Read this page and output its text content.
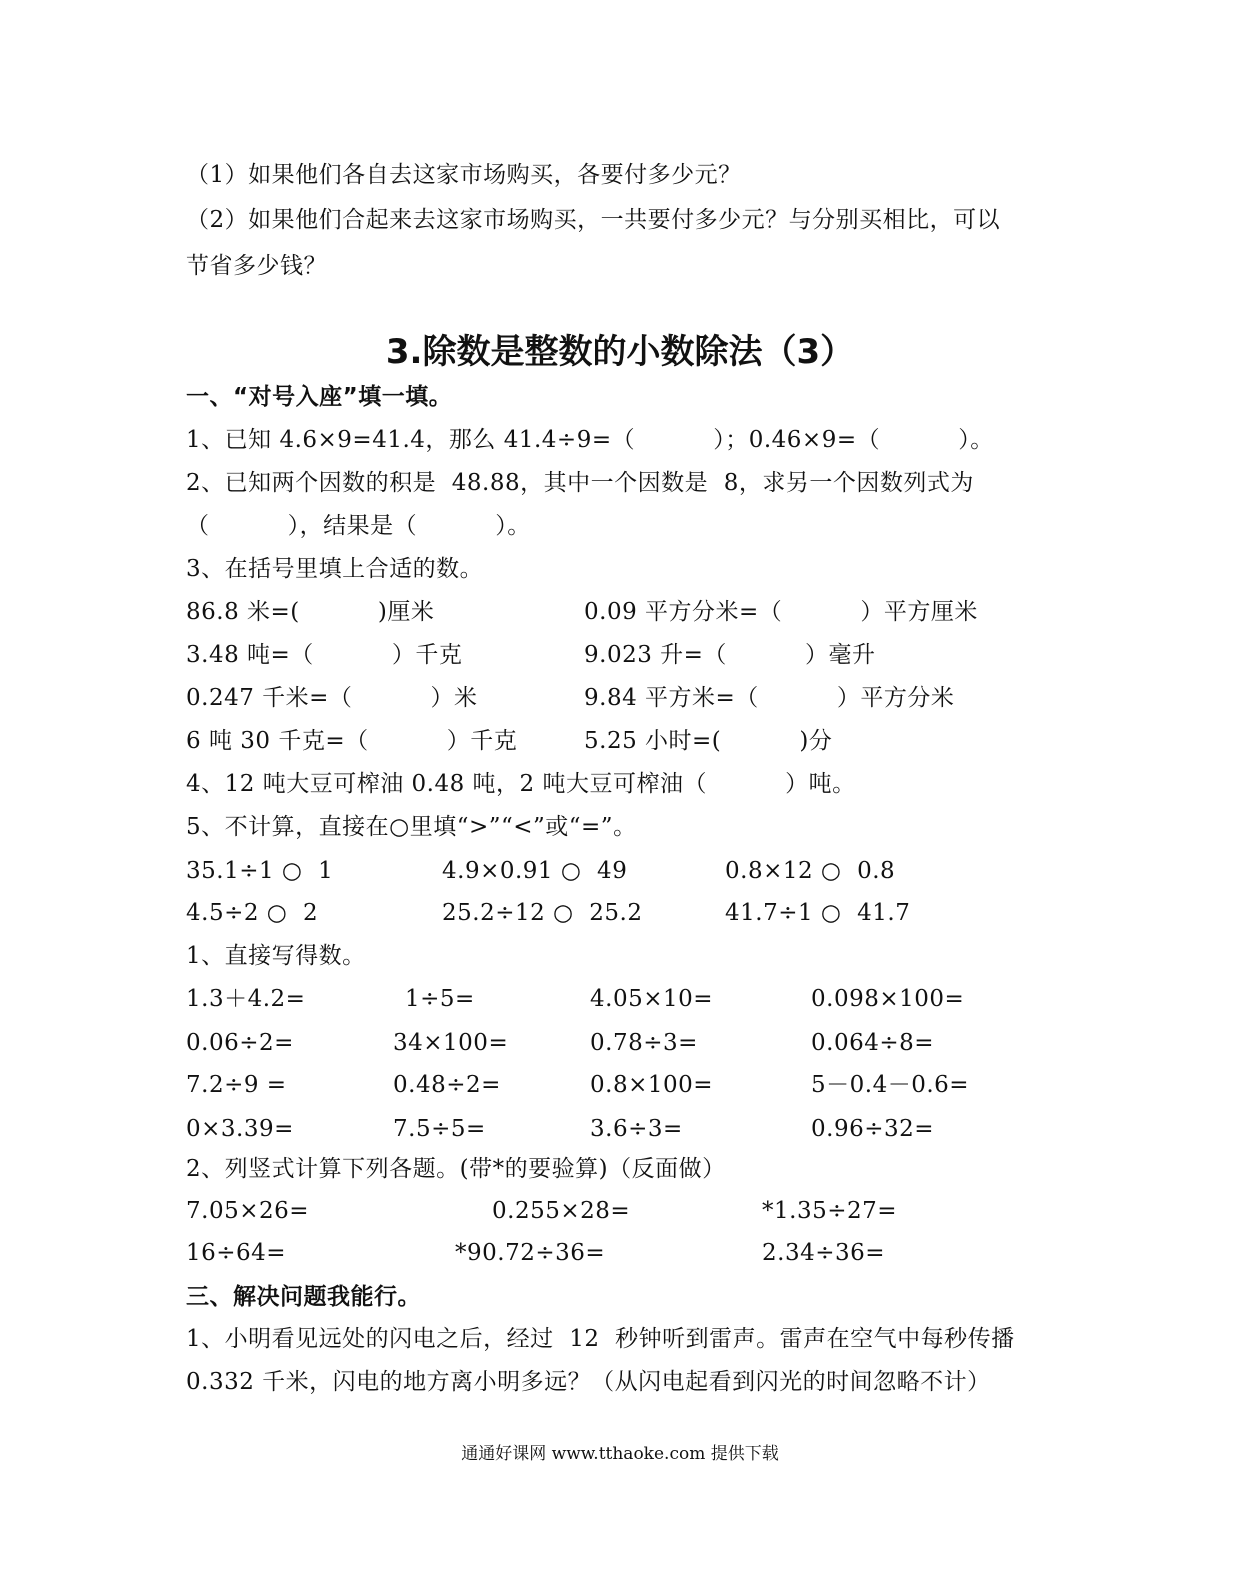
（1）如果他们各自去这家市场购买，各要付多少元？
（2）如果他们合起来去这家市场购买，一共要付多少元？与分别买相比，可以
节省多少钱？
3.除数是整数的小数除法（3）
一、“对号入座”填一填。
1、已知 4.6×9=41.4，那么 41.4÷9=（          ）；0.46×9=（          ）。
2、已知两个因数的积是  48.88，其中一个因数是  8，求另一个因数列式为
（          ），结果是（          ）。
3、在括号里填上合适的数。
86.8 米=(          )厘米	0.09 平方分米=（          ）平方厘米
3.48 吨=（          ）千克	9.023 升=（          ）毫升
0.247 千米=（          ）米	9.84 平方米=（          ）平方分米
6 吨 30 千克=（          ）千克	5.25 小时=(          )分
4、12 吨大豆可榨油 0.48 吨，2 吨大豆可榨油（          ）吨。
5、不计算，直接在○里填“>”“<”或“=”。
35.1÷1 ○  1	4.9×0.91 ○  49	0.8×12 ○  0.8
4.5÷2 ○  2	25.2÷12 ○  25.2	41.7÷1 ○  41.7
1、直接写得数。
1.3＋4.2=	1÷5=	4.05×10=	0.098×100=
0.06÷2=	34×100=	0.78÷3=	0.064÷8=
7.2÷9 =	0.48÷2=	0.8×100=	5－0.4－0.6=
0×3.39=	7.5÷5=	3.6÷3=	0.96÷32=
2、列竖式计算下列各题。(带*的要验算)（反面做）
7.05×26=	0.255×28=	*1.35÷27=
16÷64=	*90.72÷36=	2.34÷36=
三、解决问题我能行。
1、小明看见远处的闪电之后，经过  12  秒钟听到雷声。雷声在空气中每秒传播
0.332 千米，闪电的地方离小明多远？（从闪电起看到闪光的时间忽略不计）
通通好课网 www.tthaoke.com 提供下载
